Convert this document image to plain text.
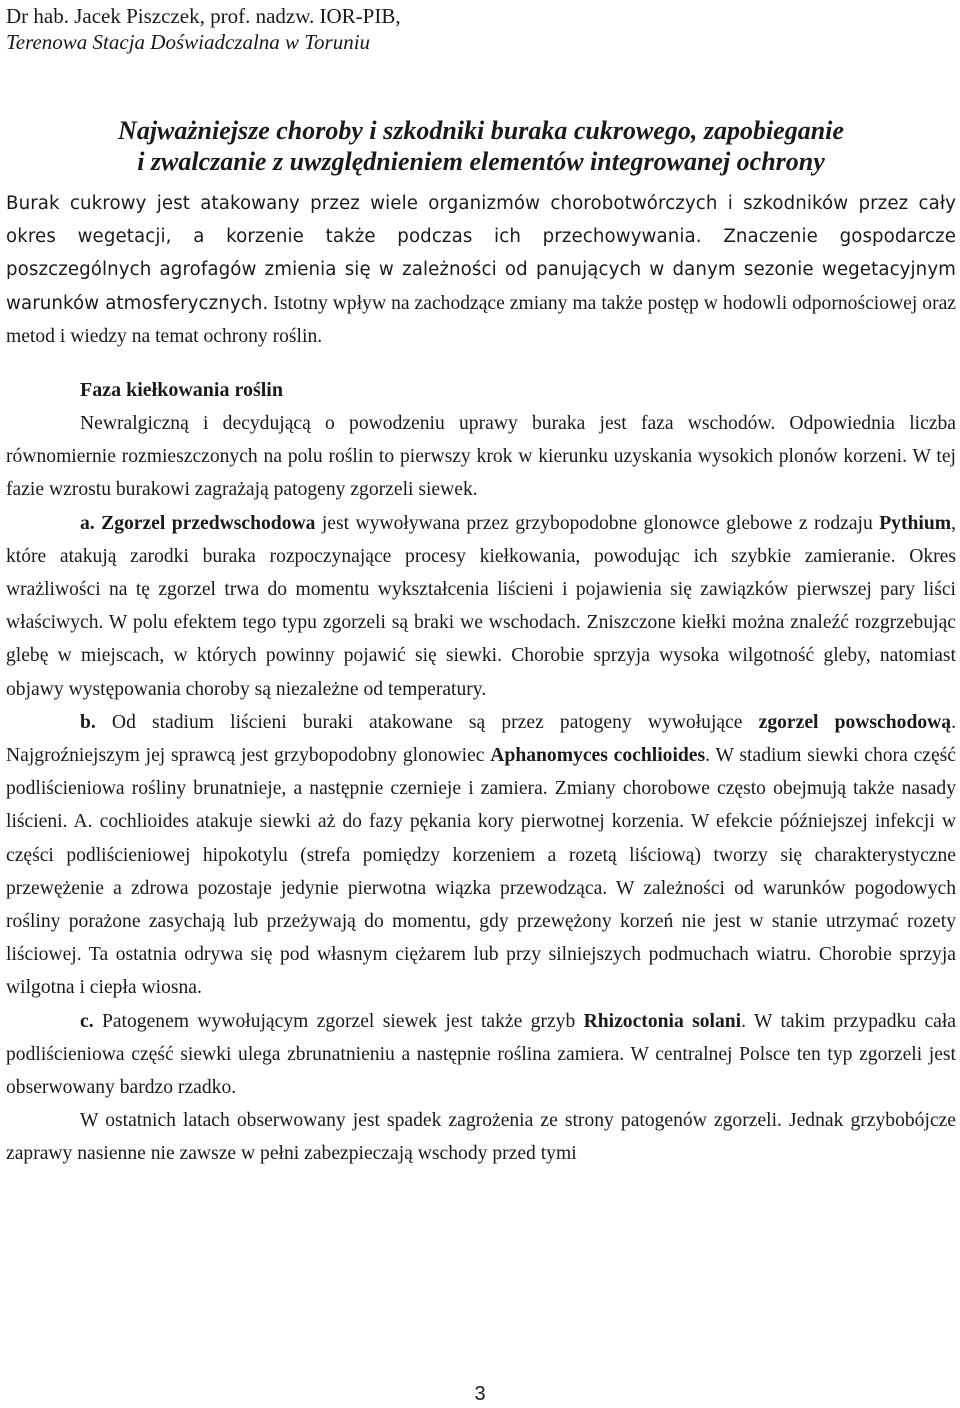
Dr hab. Jacek Piszczek, prof. nadzw. IOR-PIB,

Terenowa Stacja Doświadczalna w Toruniu

Najważniejsze choroby i szkodniki buraka cukrowego, zapobieganie
i zwalczanie z uwzględnieniem elementów integrowanej ochrony

Burak cukrowy jest atakowany przez wiele organizmów chorobotwórczych i szkodników przez cały okres wegetacji, a korzenie także podczas ich przechowywania. Znaczenie gospodarcze poszczególnych agrofagów zmienia się w zależności od panujących w danym sezonie wegetacyjnym warunków atmosferycznych. Istotny wpływ na zachodzące zmiany ma także postęp w hodowli odpornościowej oraz metod i wiedzy na temat ochrony roślin.

Faza kiełkowania roślin

Newralgiczną i decydującą o powodzeniu uprawy buraka jest faza wschodów. Odpowiednia liczba równomiernie rozmieszczonych na polu roślin to pierwszy krok w kierunku uzyskania wysokich plonów korzeni. W tej fazie wzrostu burakowi zagrażają patogeny zgorzeli siewek.

a. Zgorzel przedwschodowa jest wywoływana przez grzybopodobne glonowce glebowe z rodzaju Pythium, które atakują zarodki buraka rozpoczynające procesy kiełkowania, powodując ich szybkie zamieranie. Okres wrażliwości na tę zgorzel trwa do momentu wykształcenia liścieni i pojawienia się zawiązków pierwszej pary liści właściwych. W polu efektem tego typu zgorzeli są braki we wschodach. Zniszczone kiełki można znaleźć rozgrzebując glebę w miejscach, w których powinny pojawić się siewki. Chorobie sprzyja wysoka wilgotność gleby, natomiast objawy występowania choroby są niezależne od temperatury.

b. Od stadium liścieni buraki atakowane są przez patogeny wywołujące zgorzel powschodową. Najgroźniejszym jej sprawcą jest grzybopodobny glonowiec Aphanomyces cochlioides. W stadium siewki chora część podliścieniowa rośliny brunatnieje, a następnie czernieje i zamiera. Zmiany chorobowe często obejmują także nasady liścieni. A. cochlioides atakuje siewki aż do fazy pękania kory pierwotnej korzenia. W efekcie późniejszej infekcji w części podliścieniowej hipokotylu (strefa pomiędzy korzeniem a rozetą liściową) tworzy się charakterystyczne przewężenie a zdrowa pozostaje jedynie pierwotna wiązka przewodząca. W zależności od warunków pogodowych rośliny porażone zasychają lub przeżywają do momentu, gdy przewężony korzeń nie jest w stanie utrzymać rozety liściowej. Ta ostatnia odrywa się pod własnym ciężarem lub przy silniejszych podmuchach wiatru. Chorobie sprzyja wilgotna i ciepła wiosna.

c. Patogenem wywołującym zgorzel siewek jest także grzyb Rhizoctonia solani. W takim przypadku cała podliścieniowa część siewki ulega zbrunatnieniu a następnie roślina zamiera. W centralnej Polsce ten typ zgorzeli jest obserwowany bardzo rzadko.

W ostatnich latach obserwowany jest spadek zagrożenia ze strony patogenów zgorzeli. Jednak grzybobójcze zaprawy nasienne nie zawsze w pełni zabezpieczają wschody przed tymi

3
